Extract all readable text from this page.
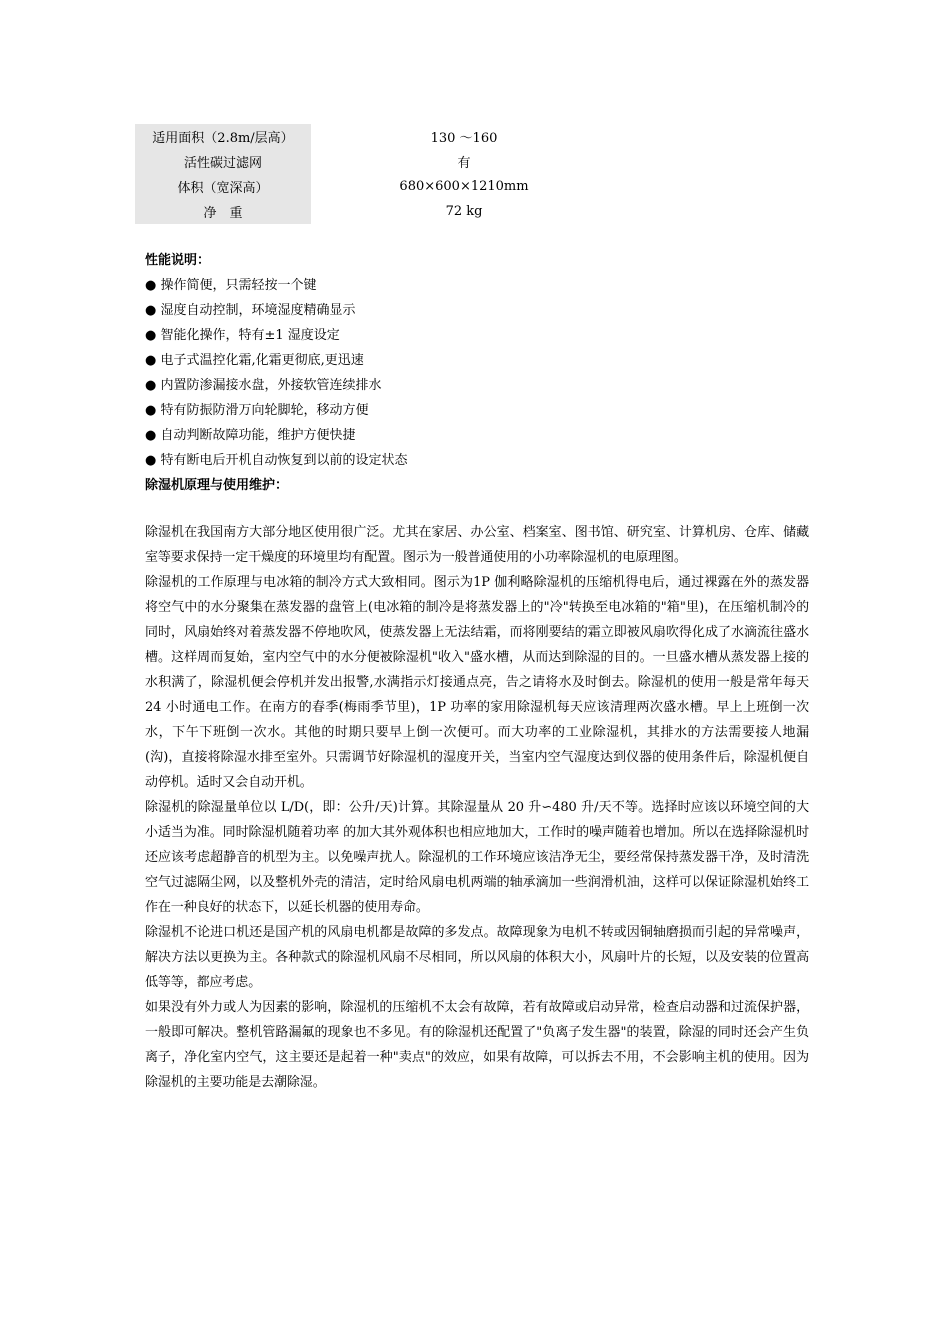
适用面积（2.8m/层高）	130 ～160
活性碳过滤网	有
体积（宽深高）	680×600×1210mm
净　重	72 kg
性能说明：
● 操作简便，只需轻按一个键
● 湿度自动控制，环境湿度精确显示
● 智能化操作，特有±1 湿度设定
● 电子式温控化霜,化霜更彻底,更迅速
● 内置防渗漏接水盘，外接软管连续排水
● 特有防振防滑万向轮脚轮，移动方便
● 自动判断故障功能，维护方便快捷
● 特有断电后开机自动恢复到以前的设定状态
除湿机原理与使用维护：

除湿机在我国南方大部分地区使用很广泛。尤其在家居、办公室、档案室、图书馆、研究室、计算机房、仓库、储藏室等要求保持一定干燥度的环境里均有配置。图示为一般普通使用的小功率除湿机的电原理图。

除湿机的工作原理与电冰箱的制冷方式大致相同。图示为1P 伽利略除湿机的压缩机得电后，通过裸露在外的蒸发器将空气中的水分聚集在蒸发器的盘管上(电冰箱的制冷是将蒸发器上的"冷"转换至电冰箱的"箱"里)，在压缩机制冷的同时，风扇始终对着蒸发器不停地吹风，使蒸发器上无法结霜，而将刚要结的霜立即被风扇吹得化成了水滴流往盛水槽。这样周而复始，室内空气中的水分便被除湿机"收入"盛水槽，从而达到除湿的目的。一旦盛水槽从蒸发器上接的水积满了，除湿机便会停机并发出报警,水满指示灯接通点亮，告之请将水及时倒去。除湿机的使用一般是常年每天24 小时通电工作。在南方的春季(梅雨季节里)，1P 功率的家用除湿机每天应该清理两次盛水槽。早上上班倒一次水，下午下班倒一次水。其他的时期只要早上倒一次便可。而大功率的工业除湿机，其排水的方法需要接人地漏(沟)，直接将除湿水排至室外。只需调节好除湿机的湿度开关，当室内空气湿度达到仪器的使用条件后，除湿机便自动停机。适时又会自动开机。

除湿机的除湿量单位以 L/D(，即：公升/天)计算。其除湿量从 20 升∽480 升/天不等。选择时应该以环境空间的大小适当为准。同时除湿机随着功率 的加大其外观体积也相应地加大，工作时的噪声随着也增加。所以在选择除湿机时还应该考虑超静音的机型为主。以免噪声扰人。除湿机的工作环境应该洁净无尘，要经常保持蒸发器干净，及时清洗空气过滤隔尘网，以及整机外壳的清洁，定时给风扇电机两端的轴承滴加一些润滑机油，这样可以保证除湿机始终工作在一种良好的状态下，以延长机器的使用寿命。

除湿机不论进口机还是国产机的风扇电机都是故障的多发点。故障现象为电机不转或因铜轴磨损而引起的异常噪声，解决方法以更换为主。各种款式的除湿机风扇不尽相同，所以风扇的体积大小，风扇叶片的长短，以及安装的位置高低等等，都应考虑。

如果没有外力或人为因素的影响，除湿机的压缩机不太会有故障，若有故障或启动异常，检查启动器和过流保护器，一般即可解决。整机管路漏氟的现象也不多见。有的除湿机还配置了"负离子发生器"的装置，除湿的同时还会产生负离子，净化室内空气，这主要还是起着一种"卖点"的效应，如果有故障，可以拆去不用，不会影响主机的使用。因为除湿机的主要功能是去潮除湿。
